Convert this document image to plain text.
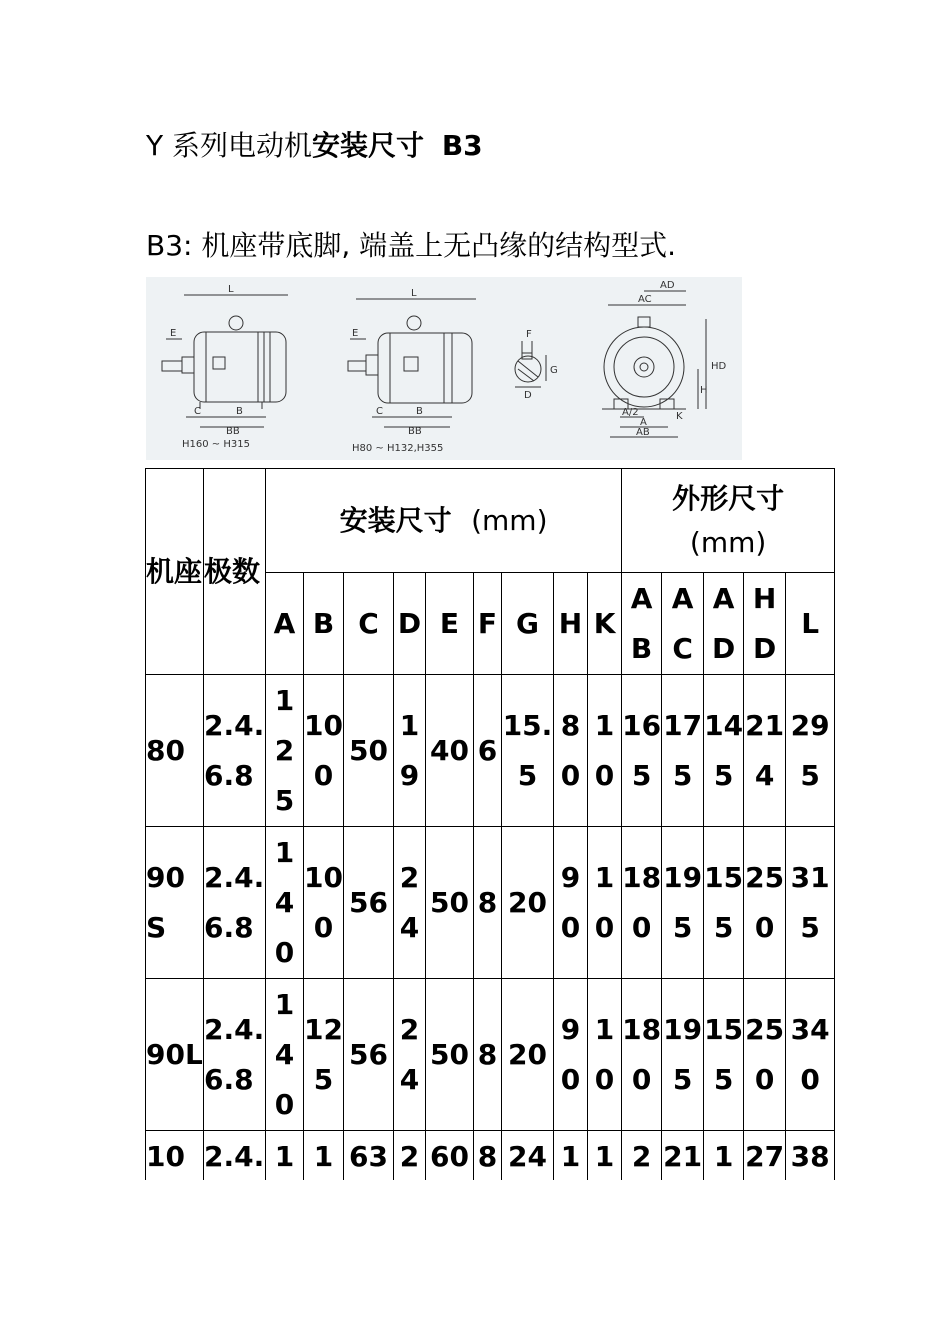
Y 系列电动机安装尺寸 B3
B3: 机座带底脚, 端盖上无凸缘的结构型式.
L
E
C	B
BB
H160 ~ H315
L
E
C	B
BB
H80 ~ H132,H355
F
G
D
AD
AC
HD
H
A/2	K
A
AB
机座	极数	安装尺寸 (mm)									外形尺寸
(mm)				
		A	B	C	D	E	F	G	H	K	AB	AC	AD	HD	L
80	2.4.6.8	125	100	50	19	40	6	15.5	80	10	165	175	145	214	295
90S	2.4.6.8	140	100	56	24	50	8	20	90	10	180	195	155	250	315
90L	2.4.6.8	140	125	56	24	50	8	20	90	10	180	195	155	250	340
10	2.4.	1	1	63	2	60	8	24	1	1	2	21	1	27	38
